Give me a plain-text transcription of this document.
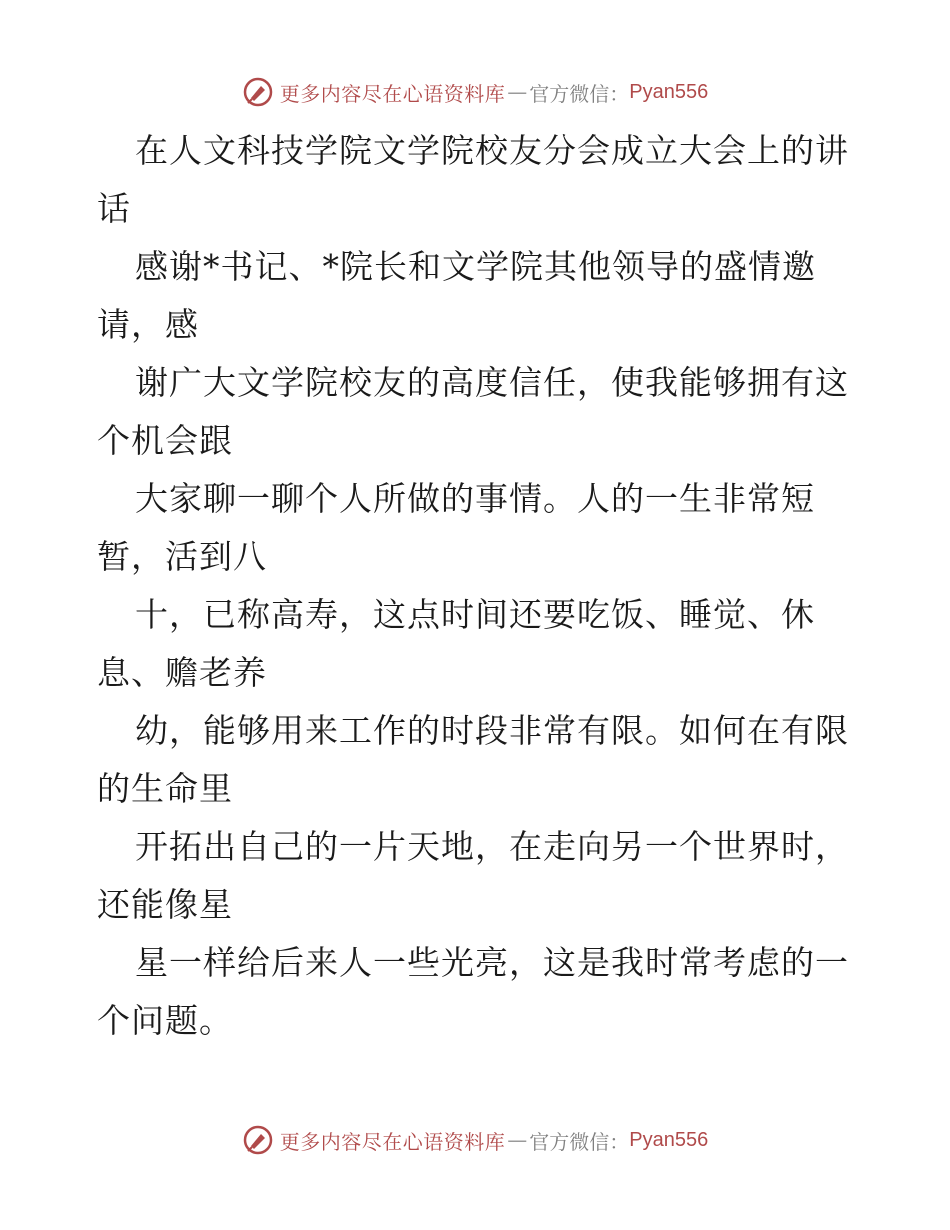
更多内容尽在心语资料库 — 官方微信： Pyan556
在人文科技学院文学院校友分会成立大会上的讲
话
感谢*书记、*院长和文学院其他领导的盛情邀
请，感
谢广大文学院校友的高度信任，使我能够拥有这
个机会跟
大家聊一聊个人所做的事情。人的一生非常短
暂，活到八
十，已称高寿，这点时间还要吃饭、睡觉、休
息、赡老养
幼，能够用来工作的时段非常有限。如何在有限
的生命里
开拓出自己的一片天地，在走向另一个世界时，
还能像星
星一样给后来人一些光亮，这是我时常考虑的一
个问题。
更多内容尽在心语资料库 — 官方微信： Pyan556
